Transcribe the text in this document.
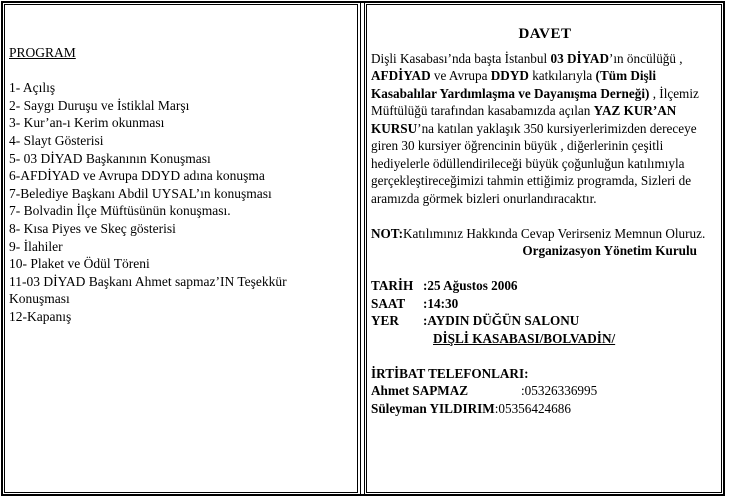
PROGRAM
1- Açılış
2- Saygı Duruşu ve İstiklal Marşı
3- Kur’an-ı Kerim okunması
4- Slayt Gösterisi
5- 03 DİYAD Başkanının Konuşması
6-AFDİYAD ve Avrupa DDYD adına konuşma
7-Belediye Başkanı Abdil UYSAL’ın konuşması
7- Bolvadin İlçe Müftüsünün konuşması.
8- Kısa Piyes ve Skeç gösterisi
9- İlahiler
10- Plaket ve Ödül Töreni
11-03 DİYAD Başkanı Ahmet sapmaz’IN Teşekkür
Konuşması
12-Kapanış
DAVET
Dişli Kasabası’nda başta İstanbul 03 DİYAD’ın öncülüğü , AFDİYAD ve Avrupa DDYD katkılarıyla (Tüm Dişli Kasabalılar Yardımlaşma ve Dayanışma Derneği) , İlçemiz Müftülüğü tarafından kasabamızda açılan YAZ KUR’AN KURSU’na katılan yaklaşık 350 kursiyerlerimizden dereceye giren 30 kursiyer öğrencinin büyük , diğerlerinin çeşitli hediyelerle ödüllendirileceği büyük çoğunluğun katılımıyla gerçekleştireceğimizi tahmin ettiğimiz programda, Sizleri de aramızda görmek bizleri onurlandıracaktır.
NOT:Katılımınız Hakkında Cevap Verirseniz Memnun Oluruz.
Organizasyon Yönetim Kurulu
TARİH :25 Ağustos 2006
SAAT :14:30
YER :AYDIN DÜĞÜN SALONU
DİŞLİ KASABASI/BOLVADİN/
İRTİBAT TELEFONLARI:
Ahmet SAPMAZ	:05326336995
Süleyman YILDIRIM:05356424686
